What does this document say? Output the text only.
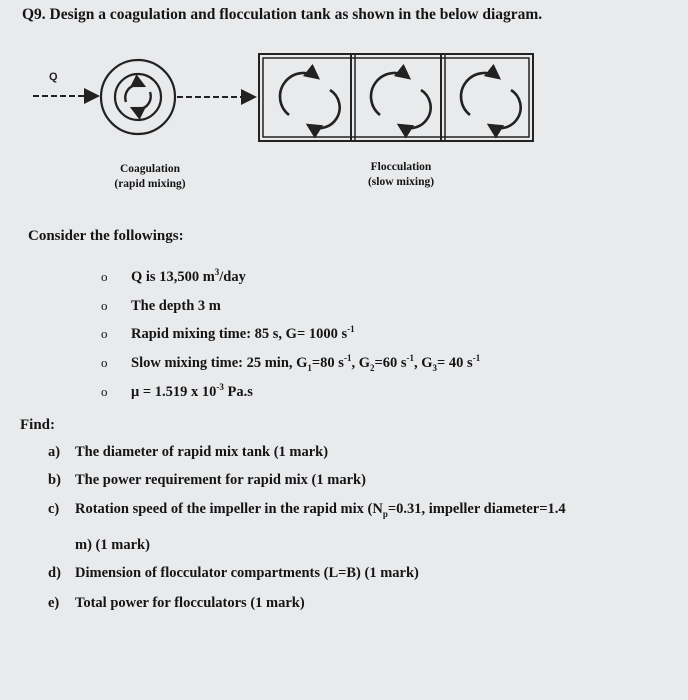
Q9. Design a coagulation and flocculation tank as shown in the below diagram.
Q
Coagulation
(rapid mixing)
Flocculation
(slow mixing)
Consider the followings:
o Q is 13,500 $m^3$/day
o The depth 3 m
o Rapid mixing time: 85 s, G= 1000 $s^{-1}$
o Slow mixing time: 25 min, $G_1=80$ $s^{-1}$, $G_2=60$ $s^{-1}$, $G_3= 40$ $s^{-1}$
o μ = 1.519 x $10^{-3}$ Pa.s
Find:
a) The diameter of rapid mix tank (1 mark)
b) The power requirement for rapid mix (1 mark)
c) Rotation speed of the impeller in the rapid mix ($N_p=0.31$, impeller diameter=1.4
m) (1 mark)
d) Dimension of flocculator compartments (L=B) (1 mark)
e) Total power for flocculators (1 mark)
